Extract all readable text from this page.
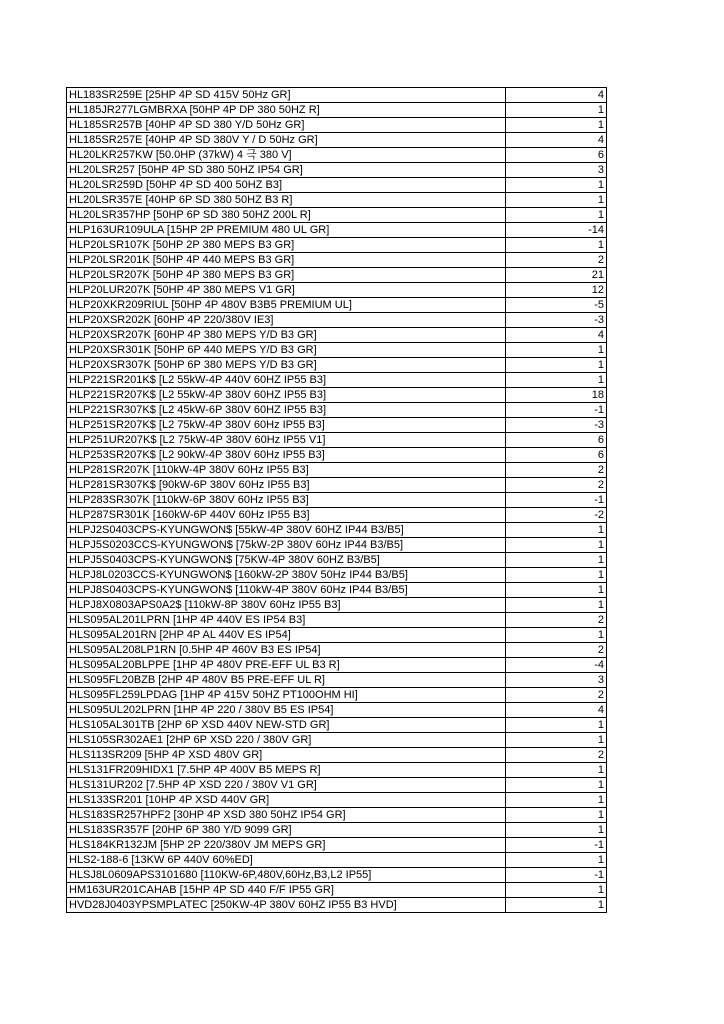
HL183SR259E [25HP 4P SD 415V 50Hz GR]	4
HL185JR277LGMBRXA [50HP 4P DP 380 50HZ R]	1
HL185SR257B [40HP 4P SD 380 Y/D 50Hz GR]	1
HL185SR257E [40HP 4P SD 380V Y / D 50Hz GR]	4
HL20LKR257KW [50.0HP (37kW) 4 극 380 V]	6
HL20LSR257 [50HP 4P SD 380 50HZ IP54 GR]	3
HL20LSR259D [50HP 4P SD 400 50HZ B3]	1
HL20LSR357E [40HP 6P SD 380 50HZ B3 R]	1
HL20LSR357HP [50HP 6P SD 380 50HZ 200L R]	1
HLP163UR109ULA [15HP 2P PREMIUM 480 UL GR]	-14
HLP20LSR107K [50HP 2P 380 MEPS B3 GR]	1
HLP20LSR201K [50HP 4P 440 MEPS B3 GR]	2
HLP20LSR207K [50HP 4P 380 MEPS B3 GR]	21
HLP20LUR207K [50HP 4P 380 MEPS V1 GR]	12
HLP20XKR209RIUL [50HP 4P 480V B3B5 PREMIUM UL]	-5
HLP20XSR202K [60HP 4P 220/380V IE3]	-3
HLP20XSR207K [60HP 4P 380 MEPS Y/D B3 GR]	4
HLP20XSR301K [50HP 6P 440 MEPS Y/D B3 GR]	1
HLP20XSR307K [50HP 6P 380 MEPS Y/D B3 GR]	1
HLP221SR201K$ [L2 55kW-4P 440V 60HZ IP55 B3]	1
HLP221SR207K$ [L2 55kW-4P 380V 60HZ IP55 B3]	18
HLP221SR307K$ [L2 45kW-6P 380V 60HZ IP55 B3]	-1
HLP251SR207K$ [L2 75kW-4P 380V 60Hz IP55 B3]	-3
HLP251UR207K$ [L2 75kW-4P 380V 60Hz IP55 V1]	6
HLP253SR207K$ [L2 90kW-4P 380V 60Hz IP55 B3]	6
HLP281SR207K [110kW-4P 380V 60Hz IP55 B3]	2
HLP281SR307K$ [90kW-6P 380V 60Hz IP55 B3]	2
HLP283SR307K [110kW-6P 380V 60Hz IP55 B3]	-1
HLP287SR301K [160kW-6P 440V 60Hz IP55 B3]	-2
HLPJ2S0403CPS-KYUNGWON$ [55kW-4P 380V 60HZ IP44 B3/B5]	1
HLPJ5S0203CCS-KYUNGWON$ [75kW-2P 380V 60Hz IP44 B3/B5]	1
HLPJ5S0403CPS-KYUNGWON$ [75KW-4P 380V 60HZ B3/B5]	1
HLPJ8L0203CCS-KYUNGWON$ [160kW-2P 380V 50Hz IP44 B3/B5]	1
HLPJ8S0403CPS-KYUNGWON$ [110kW-4P 380V 60Hz IP44 B3/B5]	1
HLPJ8X0803APS0A2$ [110kW-8P 380V 60Hz IP55 B3]	1
HLS095AL201LPRN [1HP 4P 440V ES IP54 B3]	2
HLS095AL201RN [2HP 4P AL 440V ES IP54]	1
HLS095AL208LP1RN [0.5HP 4P 460V B3 ES IP54]	2
HLS095AL20BLPPE [1HP 4P 480V PRE-EFF UL B3 R]	-4
HLS095FL20BZB [2HP 4P 480V B5 PRE-EFF UL R]	3
HLS095FL259LPDAG [1HP 4P 415V 50HZ PT100OHM HI]	2
HLS095UL202LPRN [1HP 4P 220 / 380V B5 ES IP54]	4
HLS105AL301TB [2HP 6P XSD 440V NEW-STD GR]	1
HLS105SR302AE1 [2HP 6P XSD 220 / 380V GR]	1
HLS113SR209 [5HP 4P XSD 480V GR]	2
HLS131FR209HIDX1 [7.5HP 4P 400V B5 MEPS R]	1
HLS131UR202 [7.5HP 4P XSD 220 / 380V V1 GR]	1
HLS133SR201 [10HP 4P XSD 440V GR]	1
HLS183SR257HPF2 [30HP 4P XSD 380 50HZ IP54 GR]	1
HLS183SR357F [20HP 6P 380 Y/D 9099 GR]	1
HLS184KR132JM [5HP 2P 220/380V JM MEPS GR]	-1
HLS2-188-6 [13KW 6P 440V 60%ED]	1
HLSJ8L0609APS3101680 [110KW-6P,480V,60Hz,B3,L2 IP55]	-1
HM163UR201CAHAB [15HP 4P SD 440 F/F IP55 GR]	1
HVD28J0403YPSMPLATEC [250KW-4P 380V 60HZ IP55 B3 HVD]	1
